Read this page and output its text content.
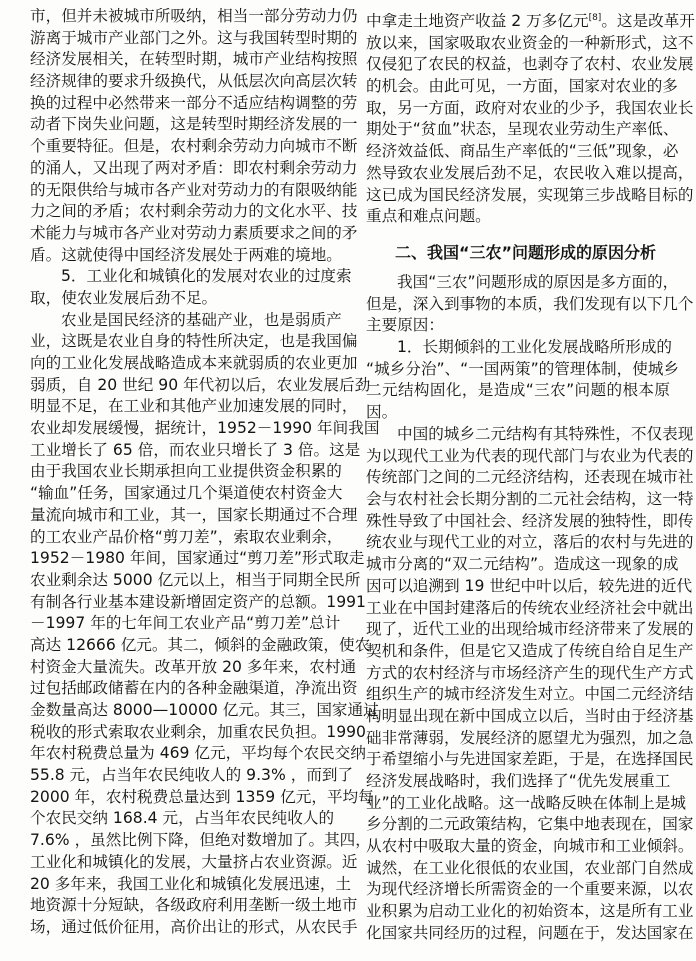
市，但并未被城市所吸纳，相当一部分劳动力仍
游离于城市产业部门之外。这与我国转型时期的
经济发展相关，在转型时期，城市产业结构按照
经济规律的要求升级换代，从低层次向高层次转
换的过程中必然带来一部分不适应结构调整的劳
动者下岗失业问题，这是转型时期经济发展的一
个重要特征。但是，农村剩余劳动力向城市不断
的涌人，又出现了两对矛盾：即农村剩余劳动力
的无限供给与城市各产业对劳动力的有限吸纳能
力之间的矛盾；农村剩余劳动力的文化水平、技
术能力与城市各产业对劳动力素质要求之间的矛
盾。这就使得中国经济发展处于两难的境地。
5．工业化和城镇化的发展对农业的过度索
取，使农业发展后劲不足。
农业是国民经济的基础产业，也是弱质产
业，这既是农业自身的特性所决定，也是我国偏
向的工业化发展战略造成本来就弱质的农业更加
弱质，自 20 世纪 90 年代初以后，农业发展后劲
明显不足，在工业和其他产业加速发展的同时，
农业却发展缓慢，据统计，1952－1990 年间我国
工业增长了 65 倍，而农业只增长了 3 倍。这是
由于我国农业长期承担向工业提供资金积累的
“输血”任务，国家通过几个渠道使农村资金大
量流向城市和工业，其一，国家长期通过不合理
的工农业产品价格“剪刀差”，索取农业剩余，
1952－1980 年间，国家通过“剪刀差”形式取走
农业剩余达 5000 亿元以上，相当于同期全民所
有制各行业基本建设新增固定资产的总额。1991
－1997 年的七年间工农业产品“剪刀差”总计
高达 12666 亿元。其二，倾斜的金融政策，使农
村资金大量流失。改革开放 20 多年来，农村通
过包括邮政储蓄在内的各种金融渠道，净流出资
金数量高达 8000—10000 亿元。其三，国家通过
税收的形式索取农业剩余，加重农民负担。1990
年农村税费总量为 469 亿元，平均每个农民交纳
55.8 元，占当年农民纯收人的 9.3% ，而到了
2000 年，农村税费总量达到 1359 亿元，平均每
个农民交纳 168.4 元，占当年农民纯收人的
7.6% ，虽然比例下降，但绝对数增加了。其四，
工业化和城镇化的发展，大量挤占农业资源。近
20 多年来，我国工业化和城镇化发展迅速，土
地资源十分短缺，各级政府利用垄断一级土地市
场，通过低价征用，高价出让的形式，从农民手
中拿走土地资产收益 2 万多亿元[8]。这是改革开
放以来，国家吸取农业资金的一种新形式，这不
仅侵犯了农民的权益，也剥夺了农村、农业发展
的机会。由此可见，一方面，国家对农业的多
取，另一方面，政府对农业的少予，我国农业长
期处于“贫血”状态，呈现农业劳动生产率低、
经济效益低、商品生产率低的“三低”现象，必
然导致农业发展后劲不足，农民收入难以提高，
这已成为国民经济发展，实现第三步战略目标的
重点和难点问题。
二、我国“三农”问题形成的原因分析
我国“三农”问题形成的原因是多方面的，
但是，深入到事物的本质，我们发现有以下几个
主要原因：
1．长期倾斜的工业化发展战略所形成的
“城乡分治”、“一国两策”的管理体制，使城乡
二元结构固化，是造成“三农”问题的根本原
因。
中国的城乡二元结构有其特殊性，不仅表现
为以现代工业为代表的现代部门与农业为代表的
传统部门之间的二元经济结构，还表现在城市社
会与农村社会长期分割的二元社会结构，这一特
殊性导致了中国社会、经济发展的独特性，即传
统农业与现代工业的对立，落后的农村与先进的
城市分离的“双二元结构”。造成这一现象的成
因可以追溯到 19 世纪中叶以后，较先进的近代
工业在中国封建落后的传统农业经济社会中就出
现了，近代工业的出现给城市经济带来了发展的
契机和条件，但是它又造成了传统自给自足生产
方式的农村经济与市场经济产生的现代生产方式
组织生产的城市经济发生对立。中国二元经济结
构明显出现在新中国成立以后，当时由于经济基
础非常薄弱，发展经济的愿望尤为强烈，加之急
于希望缩小与先进国家差距，于是，在选择国民
经济发展战略时，我们选择了“优先发展重工
业”的工业化战略。这一战略反映在体制上是城
乡分割的二元政策结构，它集中地表现在，国家
从农村中吸取大量的资金，向城市和工业倾斜。
诚然，在工业化很低的农业国，农业部门自然成
为现代经济增长所需资金的一个重要来源，以农
业积累为启动工业化的初始资本，这是所有工业
化国家共同经历的过程，问题在于，发达国家在
